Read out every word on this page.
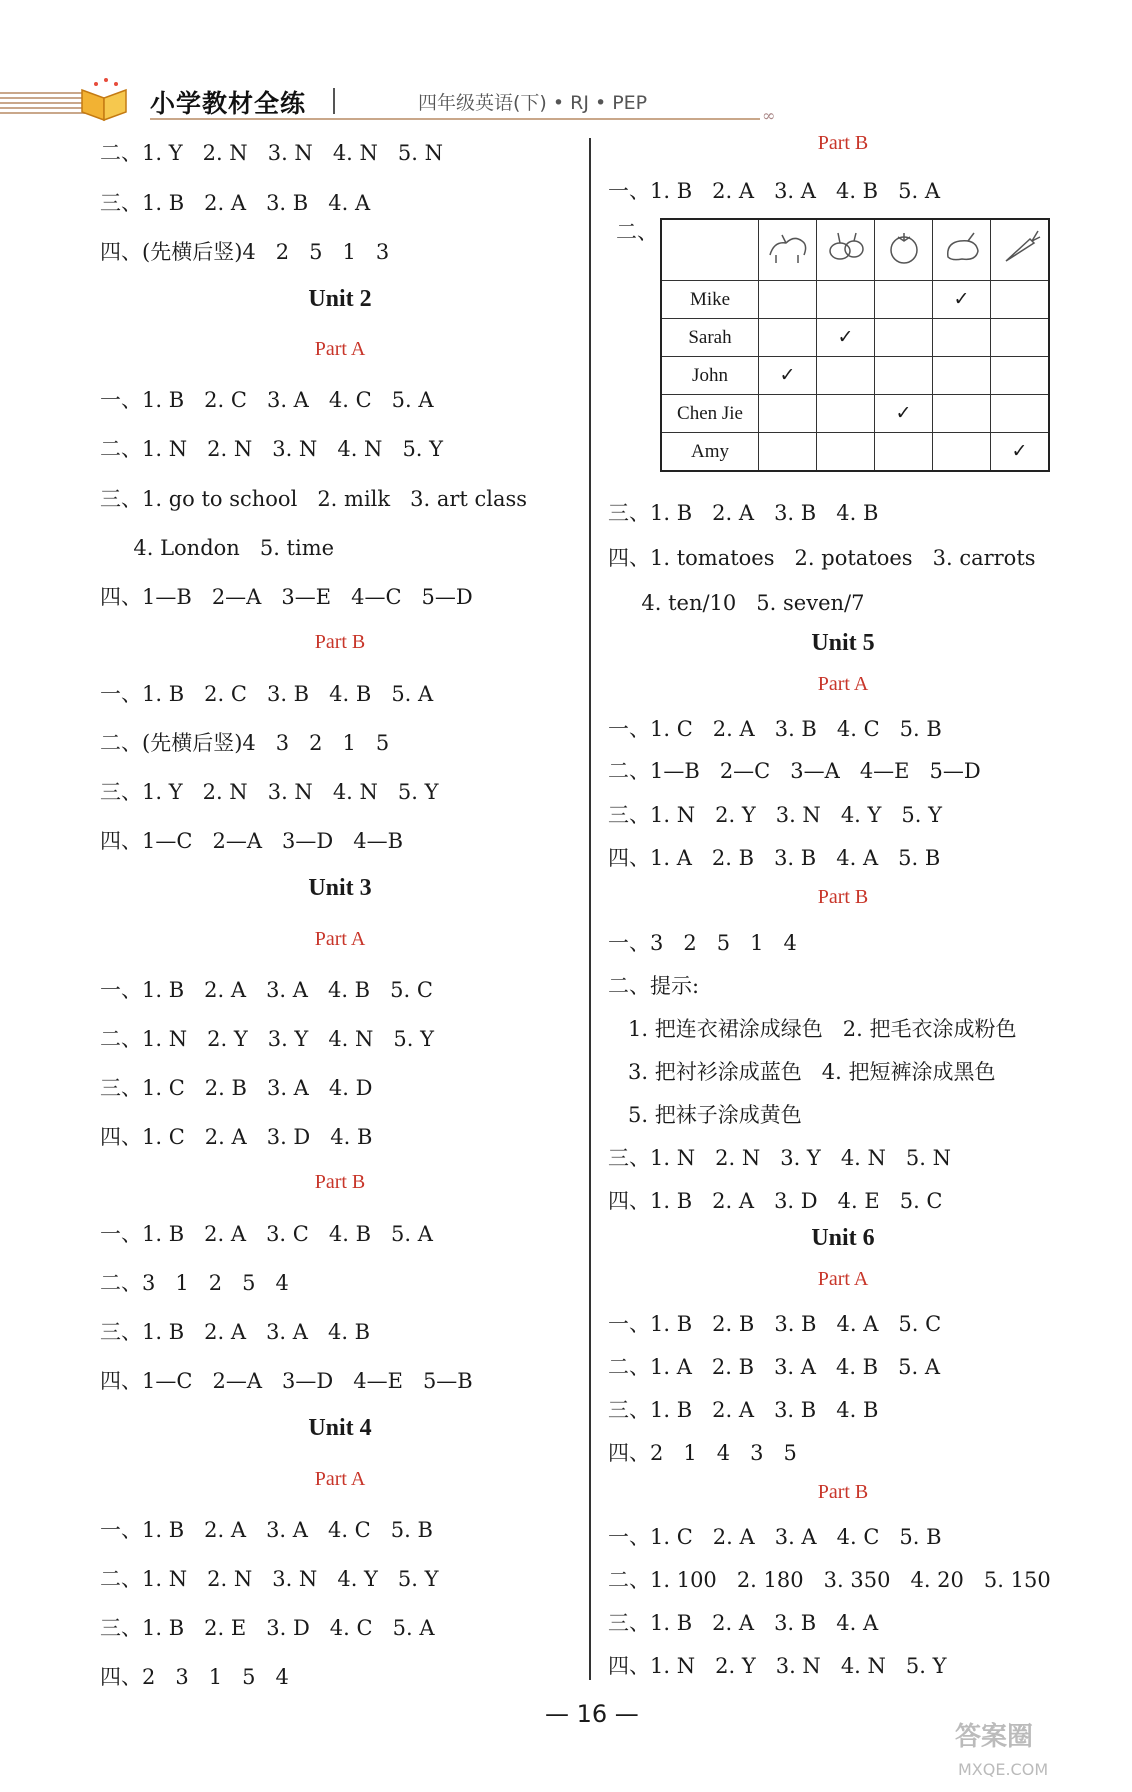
小学教材全练	四年级英语(下) • RJ • PEP
∞
二、1. Y   2. N   3. N   4. N   5. N
三、1. B   2. A   3. B   4. A
四、(先横后竖)4   2   5   1   3
Unit 2
Part A
一、1. B   2. C   3. A   4. C   5. A
二、1. N   2. N   3. N   4. N   5. Y
三、1. go to school   2. milk   3. art class
4. London   5. time
四、1—B   2—A   3—E   4—C   5—D
Part B
一、1. B   2. C   3. B   4. B   5. A
二、(先横后竖)4   3   2   1   5
三、1. Y   2. N   3. N   4. N   5. Y
四、1—C   2—A   3—D   4—B
Unit 3
Part A
一、1. B   2. A   3. A   4. B   5. C
二、1. N   2. Y   3. Y   4. N   5. Y
三、1. C   2. B   3. A   4. D
四、1. C   2. A   3. D   4. B
Part B
一、1. B   2. A   3. C   4. B   5. A
二、3   1   2   5   4
三、1. B   2. A   3. A   4. B
四、1—C   2—A   3—D   4—E   5—B
Unit 4
Part A
一、1. B   2. A   3. A   4. C   5. B
二、1. N   2. N   3. N   4. Y   5. Y
三、1. B   2. E   3. D   4. C   5. A
四、2   3   1   5   4
Part B
一、1. B   2. A   3. A   4. B   5. A
三、1. B   2. A   3. B   4. B
四、1. tomatoes   2. potatoes   3. carrots
4. ten/10   5. seven/7
Unit 5
Part A
一、1. C   2. A   3. B   4. C   5. B
二、1—B   2—C   3—A   4—E   5—D
三、1. N   2. Y   3. N   4. Y   5. Y
四、1. A   2. B   3. B   4. A   5. B
Part B
一、3   2   5   1   4
二、提示:
1. 把连衣裙涂成绿色   2. 把毛衣涂成粉色
3. 把衬衫涂成蓝色   4. 把短裤涂成黑色
5. 把袜子涂成黄色
三、1. N   2. N   3. Y   4. N   5. N
四、1. B   2. A   3. D   4. E   5. C
Unit 6
Part A
一、1. B   2. B   3. B   4. A   5. C
二、1. A   2. B   3. A   4. B   5. A
三、1. B   2. A   3. B   4. B
四、2   1   4   3   5
Part B
一、1. C   2. A   3. A   4. C   5. B
二、1. 100   2. 180   3. 350   4. 20   5. 150
三、1. B   2. A   3. B   4. A
四、1. N   2. Y   3. N   4. N   5. Y
二、

Mike				✓	
Sarah		✓			
John	✓				
Chen Jie			✓		
Amy					✓
— 16 —
答案圈
MXQE.COM
